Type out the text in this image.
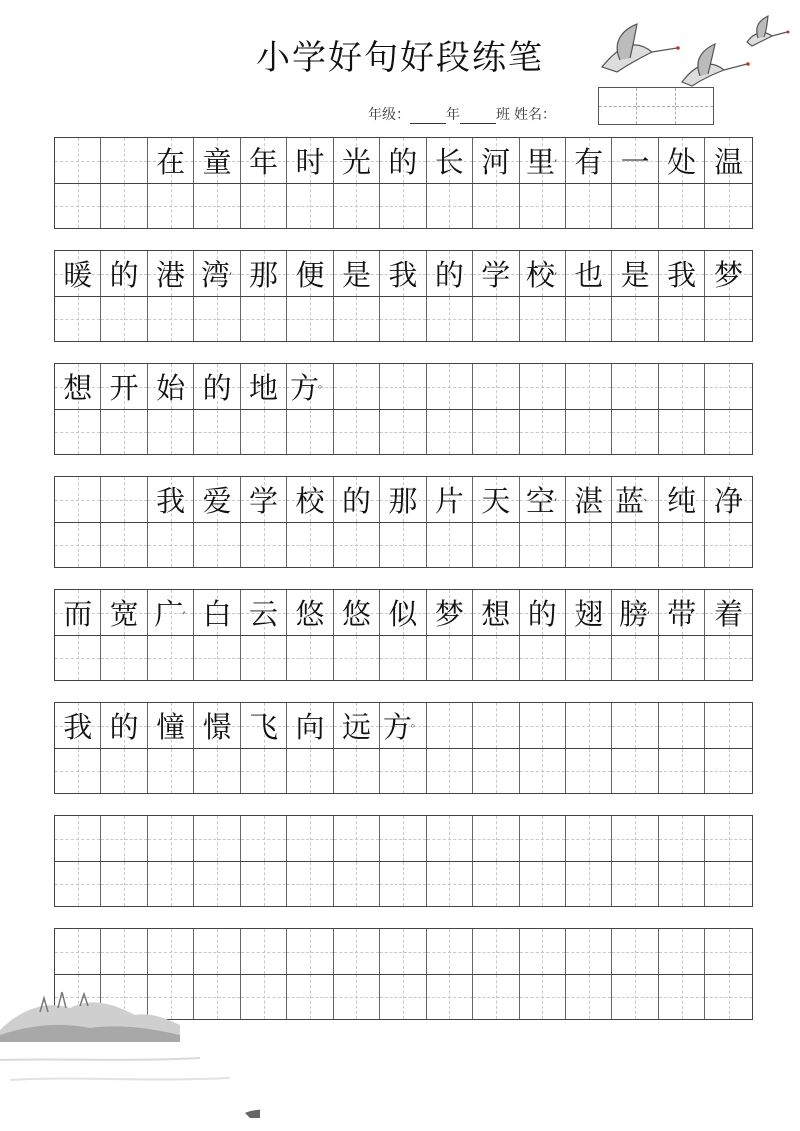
小学好句好段练笔
年级：	年	班 姓名：
在 童 年 时 光 的 长 河 里 , 有 一 处 温
暖 的 港 湾 , 那 便 是 我 的 学 校 , 也 是 我 梦
想 开 始 的 地 方 。
我 爱 学 校 的 那 片 天 空 , 湛 蓝 、 纯 净
而 宽 广 , 白 云 悠 悠 似 梦 想 的 翅 膀 , 带 着
我 的 憧 憬 飞 向 远 方 。
